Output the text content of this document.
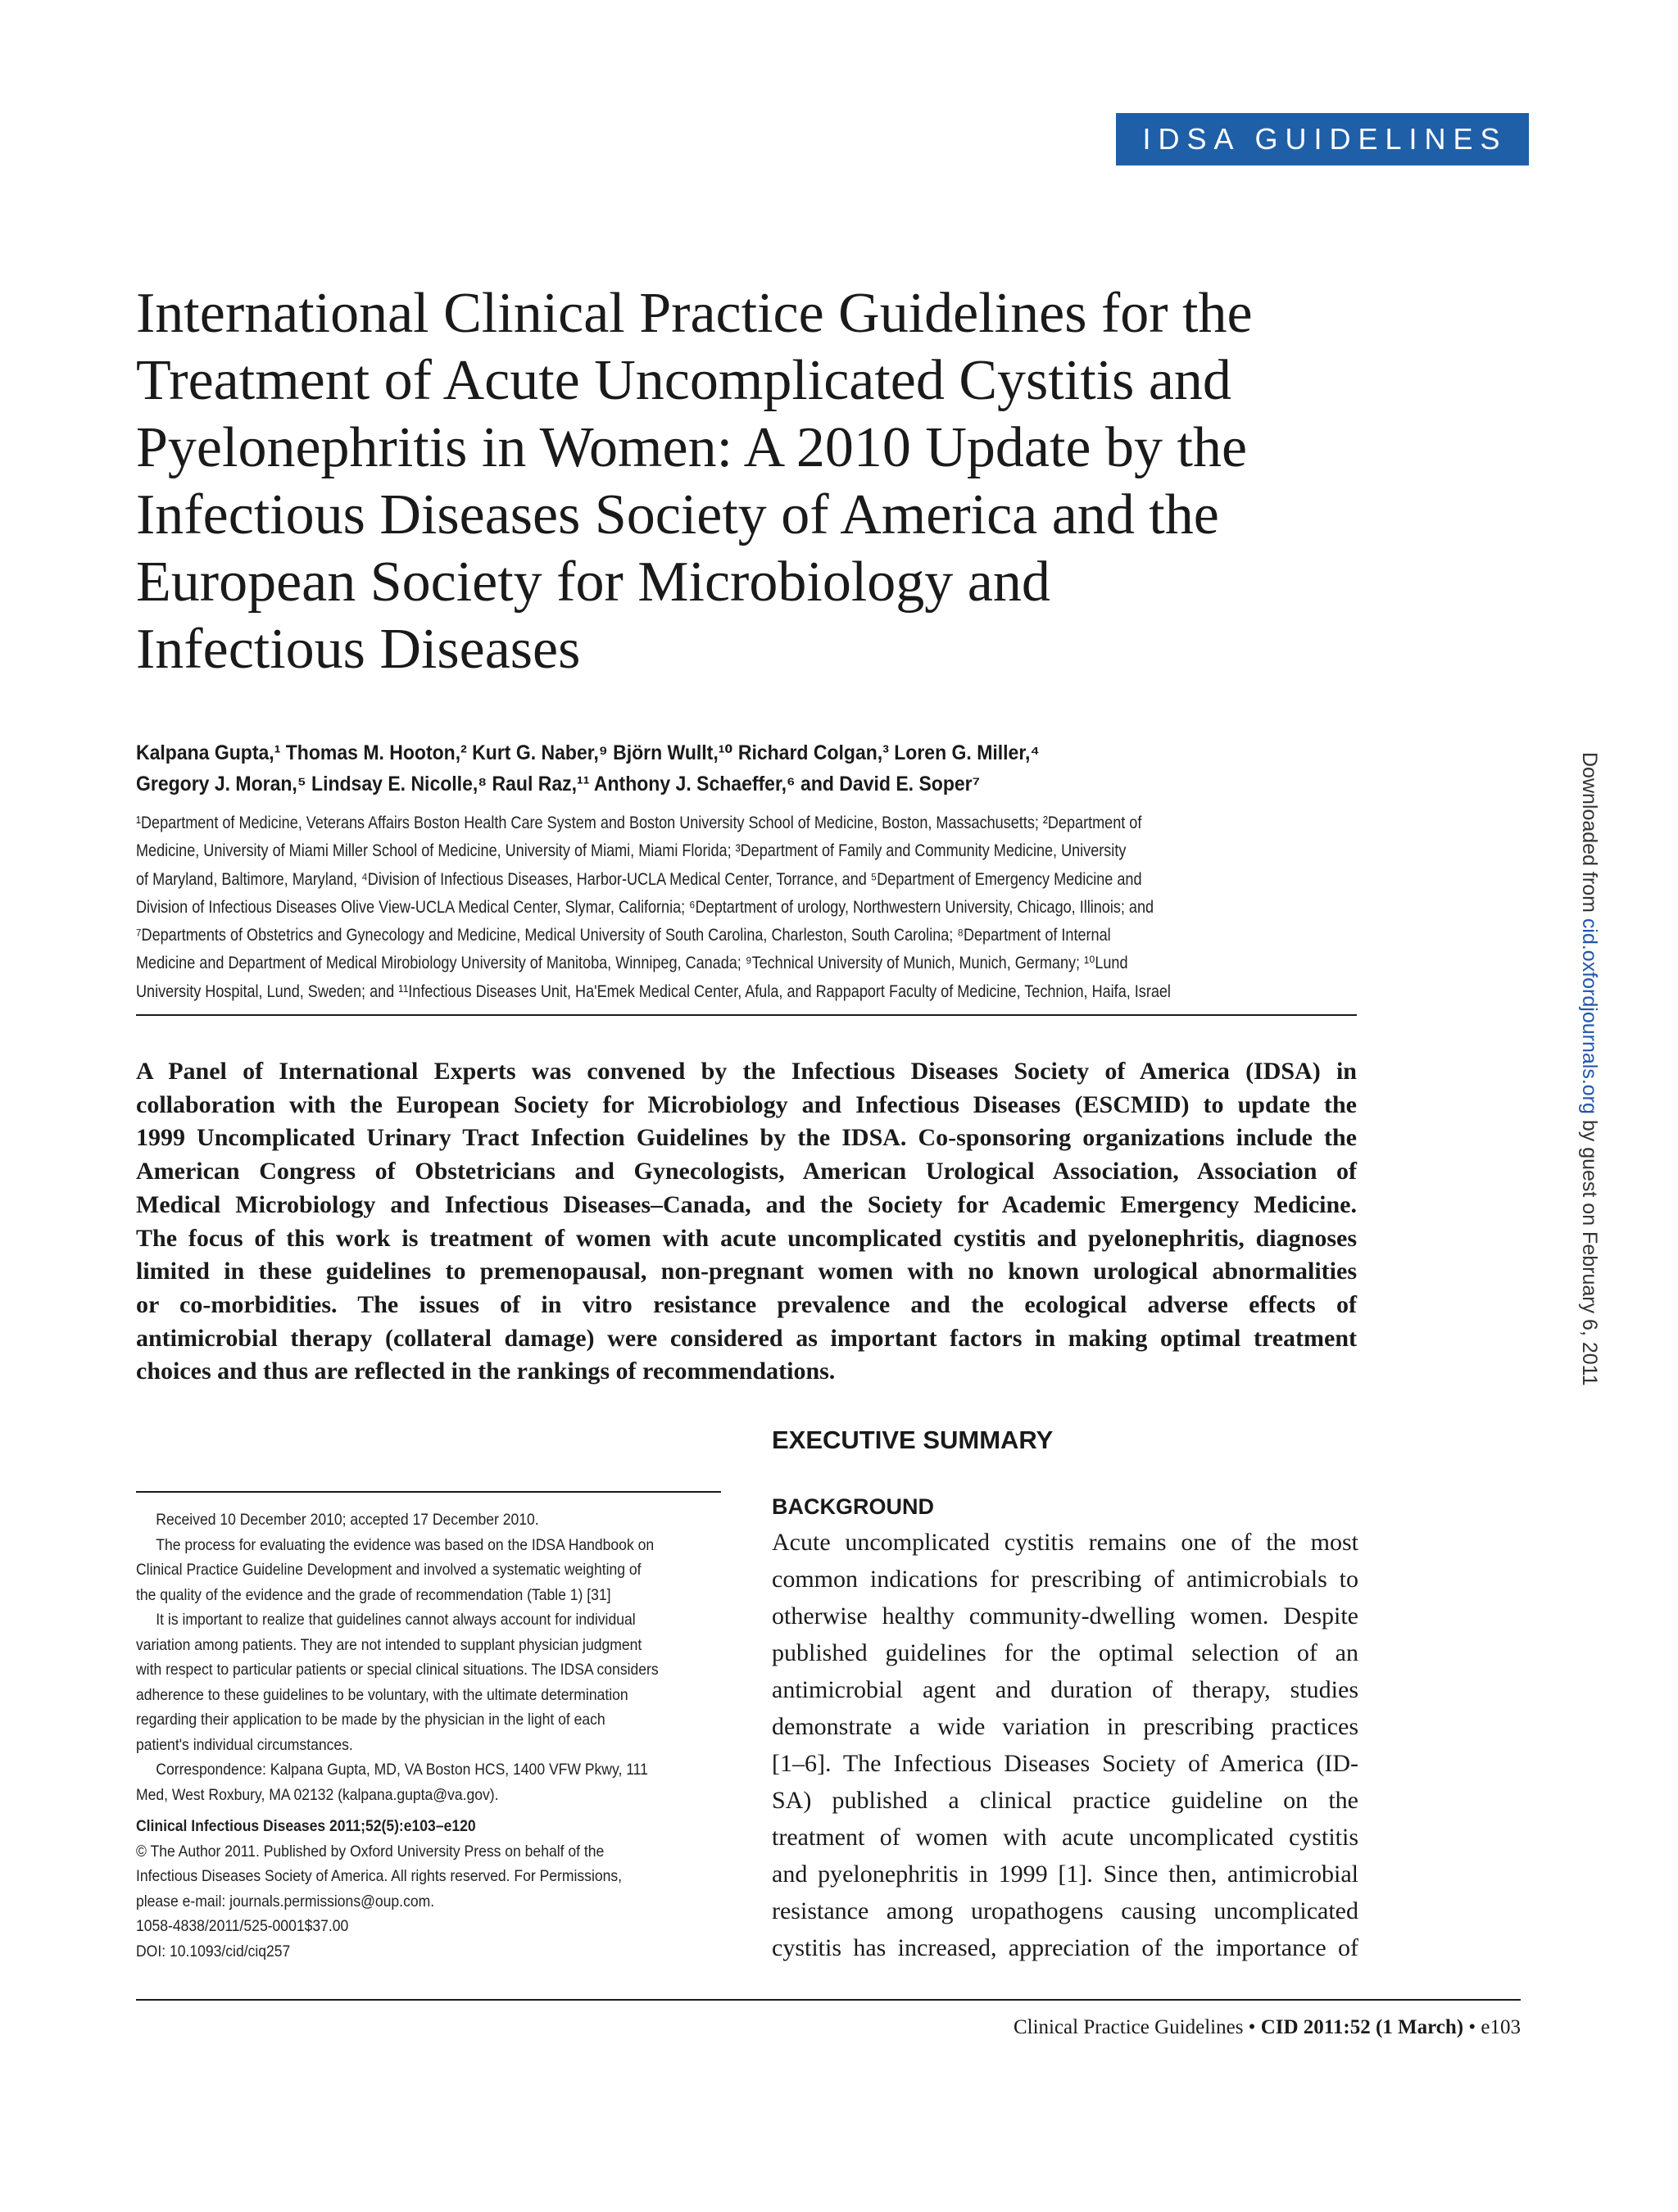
IDSA GUIDELINES
International Clinical Practice Guidelines for the
Treatment of Acute Uncomplicated Cystitis and
Pyelonephritis in Women: A 2010 Update by the
Infectious Diseases Society of America and the
European Society for Microbiology and
Infectious Diseases
Kalpana Gupta,¹ Thomas M. Hooton,² Kurt G. Naber,⁹ Björn Wullt,¹⁰ Richard Colgan,³ Loren G. Miller,⁴
Gregory J. Moran,⁵ Lindsay E. Nicolle,⁸ Raul Raz,¹¹ Anthony J. Schaeffer,⁶ and David E. Soper⁷
¹Department of Medicine, Veterans Affairs Boston Health Care System and Boston University School of Medicine, Boston, Massachusetts; ²Department of
Medicine, University of Miami Miller School of Medicine, University of Miami, Miami Florida; ³Department of Family and Community Medicine, University
of Maryland, Baltimore, Maryland, ⁴Division of Infectious Diseases, Harbor-UCLA Medical Center, Torrance, and ⁵Department of Emergency Medicine and
Division of Infectious Diseases Olive View-UCLA Medical Center, Slymar, California; ⁶Deptartment of urology, Northwestern University, Chicago, Illinois; and
⁷Departments of Obstetrics and Gynecology and Medicine, Medical University of South Carolina, Charleston, South Carolina; ⁸Department of Internal
Medicine and Department of Medical Mirobiology University of Manitoba, Winnipeg, Canada; ⁹Technical University of Munich, Munich, Germany; ¹⁰Lund
University Hospital, Lund, Sweden; and ¹¹Infectious Diseases Unit, Ha'Emek Medical Center, Afula, and Rappaport Faculty of Medicine, Technion, Haifa, Israel
A Panel of International Experts was convened by the Infectious Diseases Society of America (IDSA) in
collaboration with the European Society for Microbiology and Infectious Diseases (ESCMID) to update the
1999 Uncomplicated Urinary Tract Infection Guidelines by the IDSA. Co-sponsoring organizations include the
American Congress of Obstetricians and Gynecologists, American Urological Association, Association of
Medical Microbiology and Infectious Diseases–Canada, and the Society for Academic Emergency Medicine.
The focus of this work is treatment of women with acute uncomplicated cystitis and pyelonephritis, diagnoses
limited in these guidelines to premenopausal, non-pregnant women with no known urological abnormalities
or co-morbidities. The issues of in vitro resistance prevalence and the ecological adverse effects of
antimicrobial therapy (collateral damage) were considered as important factors in making optimal treatment
choices and thus are reflected in the rankings of recommendations.
EXECUTIVE SUMMARY
BACKGROUND
Acute uncomplicated cystitis remains one of the most
common indications for prescribing of antimicrobials to
otherwise healthy community-dwelling women. Despite
published guidelines for the optimal selection of an
antimicrobial agent and duration of therapy, studies
demonstrate a wide variation in prescribing practices
[1–6]. The Infectious Diseases Society of America (ID-
SA) published a clinical practice guideline on the
treatment of women with acute uncomplicated cystitis
and pyelonephritis in 1999 [1]. Since then, antimicrobial
resistance among uropathogens causing uncomplicated
cystitis has increased, appreciation of the importance of
Received 10 December 2010; accepted 17 December 2010.
The process for evaluating the evidence was based on the IDSA Handbook on
Clinical Practice Guideline Development and involved a systematic weighting of
the quality of the evidence and the grade of recommendation (Table 1) [31]
It is important to realize that guidelines cannot always account for individual
variation among patients. They are not intended to supplant physician judgment
with respect to particular patients or special clinical situations. The IDSA considers
adherence to these guidelines to be voluntary, with the ultimate determination
regarding their application to be made by the physician in the light of each
patient's individual circumstances.
Correspondence: Kalpana Gupta, MD, VA Boston HCS, 1400 VFW Pkwy, 111
Med, West Roxbury, MA 02132 (kalpana.gupta@va.gov).
Clinical Infectious Diseases 2011;52(5):e103–e120
© The Author 2011. Published by Oxford University Press on behalf of the
Infectious Diseases Society of America. All rights reserved. For Permissions,
please e-mail: journals.permissions@oup.com.
1058-4838/2011/525-0001$37.00
DOI: 10.1093/cid/ciq257
Clinical Practice Guidelines • CID 2011:52 (1 March) • e103
Downloaded from cid.oxfordjournals.org by guest on February 6, 2011
